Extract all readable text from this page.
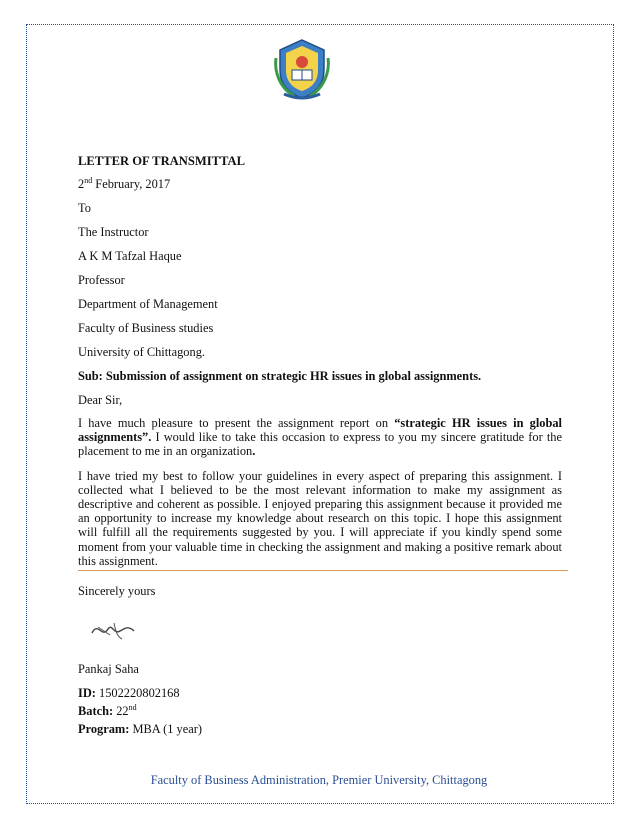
LETTER OF TRANSMITTAL
2nd February, 2017
To
The Instructor
A K M Tafzal Haque
Professor
Department of Management
Faculty of Business studies
University of Chittagong.
Sub: Submission of assignment on strategic HR issues in global assignments.
Dear Sir,

I have much pleasure to present the assignment report on “strategic HR issues in global assignments”. I would like to take this occasion to express to you my sincere gratitude for the placement to me in an organization.

I have tried my best to follow your guidelines in every aspect of preparing this assignment. I collected what I believed to be the most relevant information to make my assignment as descriptive and coherent as possible. I enjoyed preparing this assignment because it provided me an opportunity to increase my knowledge about research on this topic. I hope this assignment will fulfill all the requirements suggested by you. I will appreciate if you kindly spend some moment from your valuable time in checking the assignment and making a positive remark about this assignment.

Sincerely yours
Pankaj Saha
ID: 1502220802168
Batch: 22nd
Program: MBA (1 year)
Faculty of Business Administration, Premier University, Chittagong
